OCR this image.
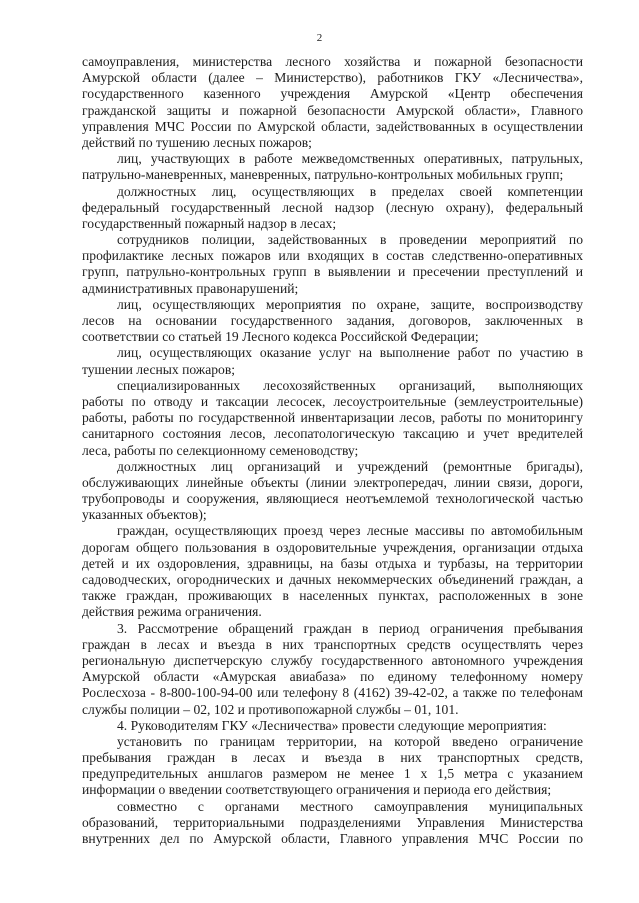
2
самоуправления, министерства лесного хозяйства и пожарной безопасности
Амурской области (далее – Министерство), работников ГКУ «Лесничества»,
государственного казенного учреждения Амурской «Центр обеспечения
гражданской защиты и пожарной безопасности Амурской области», Главного
управления МЧС России по Амурской области, задействованных в осуществлении
действий по тушению лесных пожаров;
лиц, участвующих в работе межведомственных оперативных, патрульных,
патрульно-маневренных, маневренных, патрульно-контрольных мобильных групп;
должностных лиц, осуществляющих в пределах своей компетенции
федеральный государственный лесной надзор (лесную охрану), федеральный
государственный пожарный надзор в лесах;
сотрудников полиции, задействованных в проведении мероприятий по
профилактике лесных пожаров или входящих в состав следственно-оперативных
групп, патрульно-контрольных групп в выявлении и пресечении преступлений и
административных правонарушений;
лиц, осуществляющих мероприятия по охране, защите, воспроизводству
лесов на основании государственного задания, договоров, заключенных в
соответствии со статьей 19 Лесного кодекса Российской Федерации;
лиц, осуществляющих оказание услуг на выполнение работ по участию в
тушении лесных пожаров;
специализированных лесохозяйственных организаций, выполняющих
работы по отводу и таксации лесосек, лесоустроительные (землеустроительные)
работы, работы по государственной инвентаризации лесов, работы по мониторингу
санитарного состояния лесов, лесопатологическую таксацию и учет вредителей
леса, работы по селекционному семеноводству;
должностных лиц организаций и учреждений (ремонтные бригады),
обслуживающих линейные объекты (линии электропередач, линии связи, дороги,
трубопроводы и сооружения, являющиеся неотъемлемой технологической частью
указанных объектов);
граждан, осуществляющих проезд через лесные массивы по автомобильным
дорогам общего пользования в оздоровительные учреждения, организации отдыха
детей и их оздоровления, здравницы, на базы отдыха и турбазы, на территории
садоводческих, огороднических и дачных некоммерческих объединений граждан, а
также граждан, проживающих в населенных пунктах, расположенных в зоне
действия режима ограничения.
3. Рассмотрение обращений граждан в период ограничения пребывания
граждан в лесах и въезда в них транспортных средств осуществлять через
региональную диспетчерскую службу государственного автономного учреждения
Амурской области «Амурская авиабаза» по единому телефонному номеру
Рослесхоза - 8-800-100-94-00 или телефону 8 (4162) 39-42-02, а также по телефонам
службы полиции – 02, 102 и противопожарной службы – 01, 101.
4. Руководителям ГКУ «Лесничества» провести следующие мероприятия:
установить по границам территории, на которой введено ограничение
пребывания граждан в лесах и въезда в них транспортных средств,
предупредительных аншлагов размером не менее 1 х 1,5 метра с указанием
информации о введении соответствующего ограничения и периода его действия;
совместно с органами местного самоуправления муниципальных
образований, территориальными подразделениями Управления Министерства
внутренних дел по Амурской области, Главного управления МЧС России по
